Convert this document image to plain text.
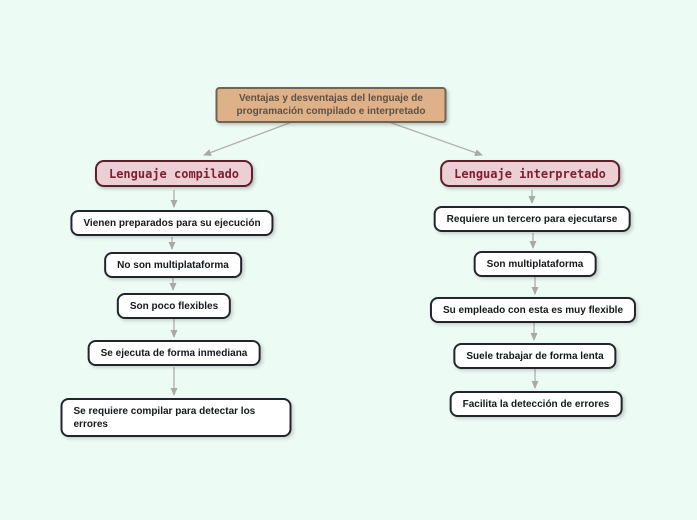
Ventajas y desventajas del lenguaje de programación compilado e interpretado
Lenguaje compilado	Lenguaje interpretado
Vienen preparados para su ejecución
No son multiplataforma
Son poco flexibles
Se ejecuta de forma inmediana
Se requiere compilar para detectar los errores
Requiere un tercero para ejecutarse
Son multiplataforma
Su empleado con esta es muy flexible
Suele trabajar de forma lenta
Facilita la detección de errores
